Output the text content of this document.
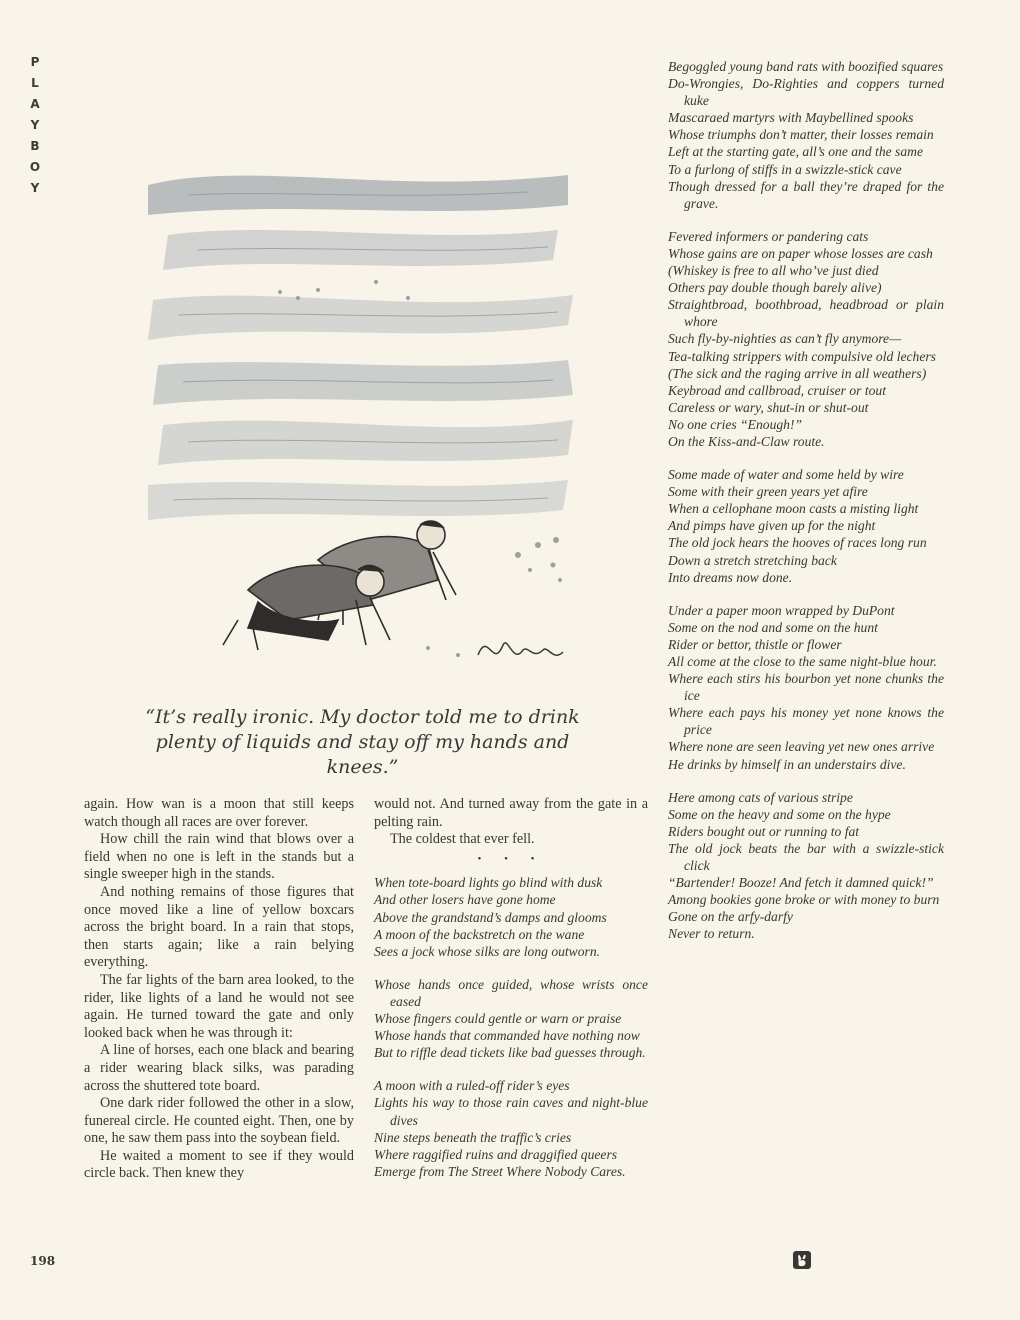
P
L
A
Y
B
O
Y
“It’s really ironic. My doctor told me to drink plenty of liquids and stay off my hands and knees.”

again. How wan is a moon that still keeps watch though all races are over forever.

How chill the rain wind that blows over a field when no one is left in the stands but a single sweeper high in the stands.

And nothing remains of those figures that once moved like a line of yellow boxcars across the bright board. In a rain that stops, then starts again; like a rain belying everything.

The far lights of the barn area looked, to the rider, like lights of a land he would not see again. He turned toward the gate and only looked back when he was through it:

A line of horses, each one black and bearing a rider wearing black silks, was parading across the shuttered tote board.

One dark rider followed the other in a slow, funereal circle. He counted eight. Then, one by one, he saw them pass into the soybean field.

He waited a moment to see if they would circle back. Then knew they

would not. And turned away from the gate in a pelting rain.

The coldest that ever fell.

• • •
When tote-board lights go blind with dusk
And other losers have gone home
Above the grandstand’s damps and glooms
A moon of the backstretch on the wane
Sees a jock whose silks are long outworn.
Whose hands once guided, whose wrists once eased
Whose fingers could gentle or warn or praise
Whose hands that commanded have nothing now
But to riffle dead tickets like bad guesses through.
A moon with a ruled-off rider’s eyes
Lights his way to those rain caves and night-blue dives
Nine steps beneath the traffic’s cries
Where raggified ruins and draggified queers
Emerge from The Street Where Nobody Cares.
Begoggled young band rats with boozified squares
Do-Wrongies, Do-Righties and coppers turned kuke
Mascaraed martyrs with Maybellined spooks
Whose triumphs don’t matter, their losses remain
Left at the starting gate, all’s one and the same
To a furlong of stiffs in a swizzle-stick cave
Though dressed for a ball they’re draped for the grave.
Fevered informers or pandering cats
Whose gains are on paper whose losses are cash
(Whiskey is free to all who’ve just died
Others pay double though barely alive)
Straightbroad, boothbroad, headbroad or plain whore
Such fly-by-nighties as can’t fly anymore—
Tea-talking strippers with compulsive old lechers
(The sick and the raging arrive in all weathers)
Keybroad and callbroad, cruiser or tout
Careless or wary, shut-in or shut-out
No one cries “Enough!”
On the Kiss-and-Claw route.
Some made of water and some held by wire
Some with their green years yet afire
When a cellophane moon casts a misting light
And pimps have given up for the night
The old jock hears the hooves of races long run
Down a stretch stretching back
Into dreams now done.
Under a paper moon wrapped by DuPont
Some on the nod and some on the hunt
Rider or bettor, thistle or flower
All come at the close to the same night-blue hour.
Where each stirs his bourbon yet none chunks the ice
Where each pays his money yet none knows the price
Where none are seen leaving yet new ones arrive
He drinks by himself in an understairs dive.
Here among cats of various stripe
Some on the heavy and some on the hype
Riders bought out or running to fat
The old jock beats the bar with a swizzle-stick click
“Bartender! Booze! And fetch it damned quick!”
Among bookies gone broke or with money to burn
Gone on the arfy-darfy
Never to return.
198
